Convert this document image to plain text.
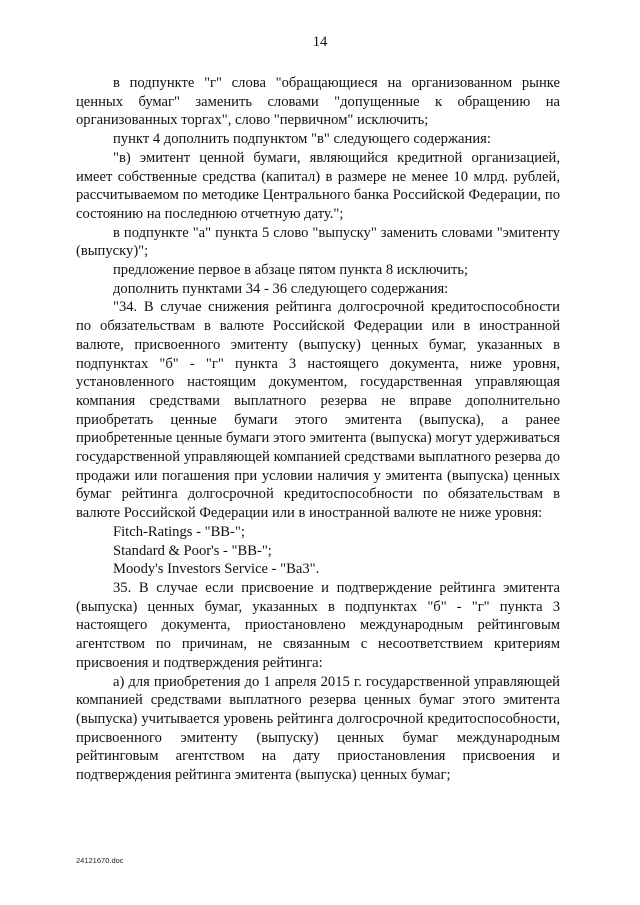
14

в подпункте "г" слова "обращающиеся на организованном рынке ценных бумаг" заменить словами "допущенные к обращению на организованных торгах", слово "первичном" исключить;

пункт 4 дополнить подпунктом "в" следующего содержания:

"в) эмитент ценной бумаги, являющийся кредитной организацией, имеет собственные средства (капитал) в размере не менее 10 млрд. рублей, рассчитываемом по методике Центрального банка Российской Федерации, по состоянию на последнюю отчетную дату.";

в подпункте "а" пункта 5 слово "выпуску" заменить словами "эмитенту (выпуску)";

предложение первое в абзаце пятом пункта 8 исключить;

дополнить пунктами 34 - 36 следующего содержания:

"34. В случае снижения рейтинга долгосрочной кредитоспособности по обязательствам в валюте Российской Федерации или в иностранной валюте, присвоенного эмитенту (выпуску) ценных бумаг, указанных в подпунктах "б" - "г" пункта 3 настоящего документа, ниже уровня, установленного настоящим документом, государственная управляющая компания средствами выплатного резерва не вправе дополнительно приобретать ценные бумаги этого эмитента (выпуска), а ранее приобретенные ценные бумаги этого эмитента (выпуска) могут удерживаться государственной управляющей компанией средствами выплатного резерва до продажи или погашения при условии наличия у эмитента (выпуска) ценных бумаг рейтинга долгосрочной кредитоспособности по обязательствам в валюте Российской Федерации или в иностранной валюте не ниже уровня:

Fitch-Ratings - "ВВ-";

Standard & Poor's - "ВВ-";

Moody's Investors Service - "Ba3".

35. В случае если присвоение и подтверждение рейтинга эмитента (выпуска) ценных бумаг, указанных в подпунктах "б" - "г" пункта 3 настоящего документа, приостановлено международным рейтинговым агентством по причинам, не связанным с несоответствием критериям присвоения и подтверждения рейтинга:

а) для приобретения до 1 апреля 2015 г. государственной управляющей компанией средствами выплатного резерва ценных бумаг этого эмитента (выпуска) учитывается уровень рейтинга долгосрочной кредитоспособности, присвоенного эмитенту (выпуску) ценных бумаг международным рейтинговым агентством на дату приостановления присвоения и подтверждения рейтинга эмитента (выпуска) ценных бумаг;

24121670.doc
